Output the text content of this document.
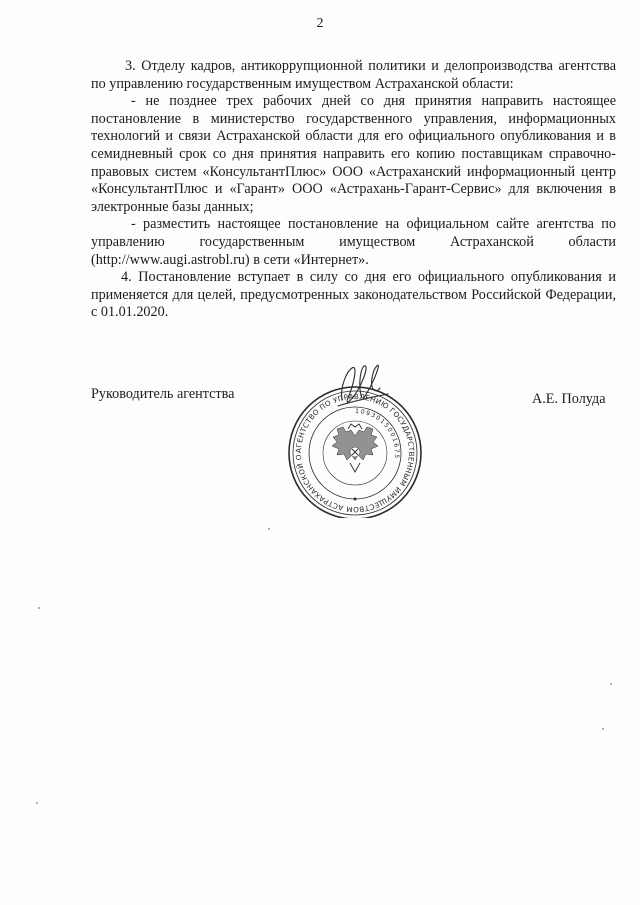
2

3. Отделу кадров, антикоррупционной политики и делопроизводства агентства по управлению государственным имуществом Астраханской области:

- не позднее трех рабочих дней со дня принятия направить настоящее постановление в министерство государственного управления, информационных технологий и связи Астраханской области для его официального опубликования и в семидневный срок со дня принятия направить его копию поставщикам справочно-правовых систем «КонсультантПлюс» ООО «Астраханский информационный центр «КонсультантПлюс и «Гарант» ООО «Астрахань-Гарант-Сервис» для включения в электронные базы данных;

- разместить настоящее постановление на официальном сайте агентства по управлению государственным имуществом Астраханской области (http://www.augi.astrobl.ru) в сети «Интернет».

4. Постановление вступает в силу со дня его официального опубликования и применяется для целей, предусмотренных законодательством Российской Федерации, с 01.01.2020.

Руководитель агентства	А.Е. Полуда
АГЕНТСТВО ПО УПРАВЛЕНИЮ ГОСУДАРСТВЕННЫМ ИМУЩЕСТВОМ АСТРАХАНСКОЙ О
1093015001675
